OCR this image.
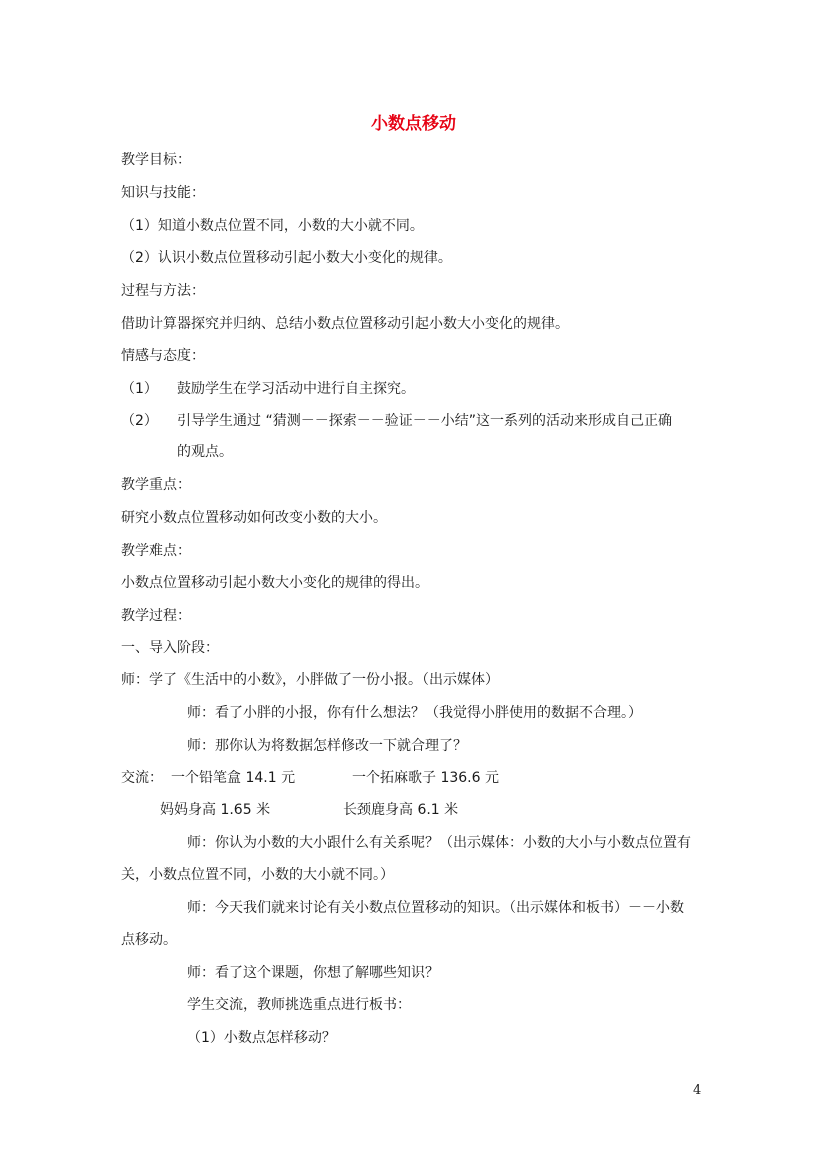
小数点移动
教学目标：
知识与技能：
（1）知道小数点位置不同，小数的大小就不同。
（2）认识小数点位置移动引起小数大小变化的规律。
过程与方法：
借助计算器探究并归纳、总结小数点位置移动引起小数大小变化的规律。
情感与态度：
（1） 鼓励学生在学习活动中进行自主探究。
（2） 引导学生通过 “猜测－－探索－－验证－－小结”这一系列的活动来形成自己正确
的观点。
教学重点：
研究小数点位置移动如何改变小数的大小。
教学难点：
小数点位置移动引起小数大小变化的规律的得出。
教学过程：
一、导入阶段：
师：学了《生活中的小数》，小胖做了一份小报。（出示媒体）
师：看了小胖的小报，你有什么想法？（我觉得小胖使用的数据不合理。）
师：那你认为将数据怎样修改一下就合理了？
交流： 一个铅笔盒 14.1 元	一个拓麻歌子 136.6 元
妈妈身高 1.65 米	长颈鹿身高 6.1 米
师：你认为小数的大小跟什么有关系呢？（出示媒体：小数的大小与小数点位置有
关，小数点位置不同，小数的大小就不同。）
师：今天我们就来讨论有关小数点位置移动的知识。（出示媒体和板书）－－小数
点移动。
师：看了这个课题，你想了解哪些知识？
学生交流，教师挑选重点进行板书：
（1）小数点怎样移动？
4
